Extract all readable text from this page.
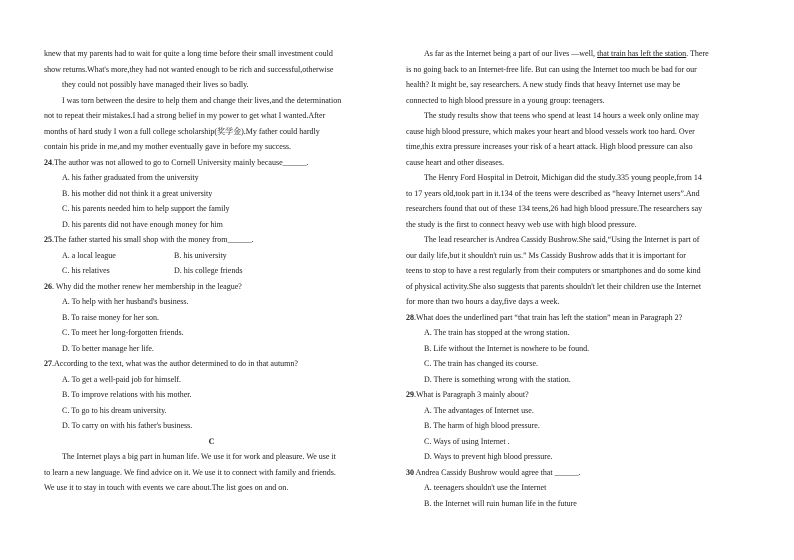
knew that my parents had to wait for quite a long time before their small investment could
show returns.What's more,they had not wanted enough to be rich and successful,otherwise
they could not possibly have managed their lives so badly.
I was torn between the desire to help them and change their lives,and the determination
not to repeat their mistakes.I had a strong belief in my power to get what I wanted.After
months of hard study I won a full college scholarship(奖学金).My father could hardly
contain his pride in me,and my mother eventually gave in before my success.
24.The author was not allowed to go to Cornell University mainly because______.
A. his father graduated from the university
B. his mother did not think it a great university
C. his parents needed him to help support the family
D. his parents did not have enough money for him
25.The father started his small shop with the money from______.
A. a local league	B. his university
C. his relatives	D. his college friends
26. Why did the mother renew her membership in the league?
A. To help with her husband's business.
B. To raise money for her son.
C. To meet her long-forgotten friends.
D. To better manage her life.
27.According to the text, what was the author determined to do in that autumn?
A. To get a well-paid job for himself.
B. To improve relations with his mother.
C. To go to his dream university.
D. To carry on with his father's business.
C
The Internet plays a big part in human life. We use it for work and pleasure. We use it
to learn a new language. We find advice on it. We use it to connect with family and friends.
We use it to stay in touch with events we care about.The list goes on and on.
As far as the Internet being a part of our lives —well, that train has left the station. There
is no going back to an Internet-free life. But can using the Internet too much be bad for our
health? It might be, say researchers. A new study finds that heavy Internet use may be
connected to high blood pressure in a young group: teenagers.
The study results show that teens who spend at least 14 hours a week only online may
cause high blood pressure, which makes your heart and blood vessels work too hard. Over
time,this extra pressure increases your risk of a heart attack. High blood pressure can also
cause heart and other diseases.
The Henry Ford Hospital in Detroit, Michigan did the study.335 young people,from 14
to 17 years old,took part in it.134 of the teens were described as “heavy Internet users”.And
researchers found that out of these 134 teens,26 had high blood pressure.The researchers say
the study is the first to connect heavy web use with high blood pressure.
The lead researcher is Andrea Cassidy Bushrow.She said,“Using the Internet is part of
our daily life,but it shouldn't ruin us.” Ms Cassidy Bushrow adds that it is important for
teens to stop to have a rest regularly from their computers or smartphones and do some kind
of physical activity.She also suggests that parents shouldn't let their children use the Internet
for more than two hours a day,five days a week.
28.What does the underlined part “that train has left the station” mean in Paragraph 2?
A. The train has stopped at the wrong station.
B. Life without the Internet is nowhere to be found.
C. The train has changed its course.
D. There is something wrong with the station.
29.What is Paragraph 3 mainly about?
A. The advantages of Internet use.
B. The harm of high blood pressure.
C. Ways of using Internet .
D. Ways to prevent high blood pressure.
30 Andrea Cassidy Bushrow would agree that ______.
A. teenagers shouldn't use the Internet
B. the Internet will ruin human life in the future
